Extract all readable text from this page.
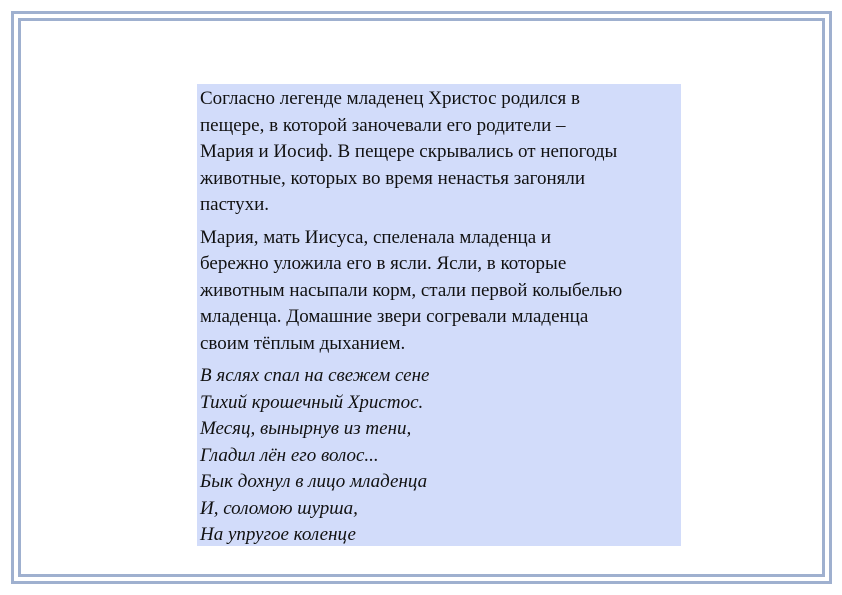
Согласно легенде младенец Христос родился в
пещере, в которой заночевали его родители –
Мария и Иосиф. В пещере скрывались от непогоды
животные, которых во время ненастья загоняли
пастухи.

Мария, мать Иисуса, спеленала младенца и
бережно уложила его в ясли. Ясли, в которые
животным насыпали корм, стали первой колыбелью
младенца. Домашние звери согревали младенца
своим тёплым дыханием.

В яслях спал на свежем сене
Тихий крошечный Христос.
Месяц, вынырнув из тени,
Гладил лён его волос...
Бык дохнул в лицо младенца
И, соломою шурша,
На упругое коленце
